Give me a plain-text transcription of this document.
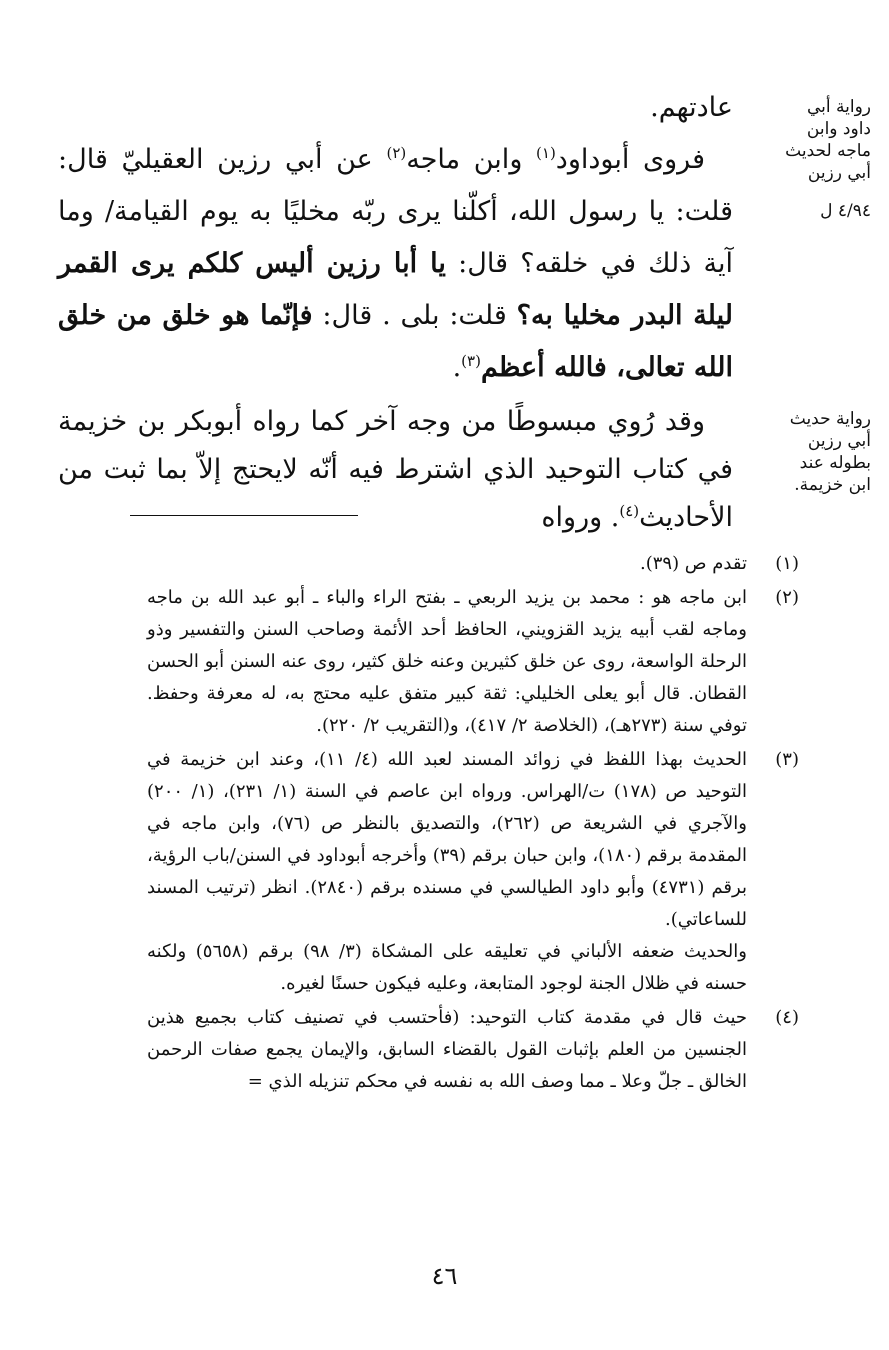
رواية أبي داود وابن ماجه لحديث أبي رزين
٤/٩٤ ل
رواية حديث أبي رزين بطوله عند ابن خزيمة.

عادتهم.

فروى أبوداود$^{(١)}$ وابن ماجه$^{(٢)}$ عن أبي رزين العقيليّ قال: قلت: يا رسول الله، أكلّنا يرى ربّه مخليًا به يوم القيامة/ وما آية ذلك في خلقه؟ قال: يا أبا رزين أليس كلكم يرى القمر ليلة البدر مخليا به؟ قلت: بلى . قال: فإنّما هو خلق من خلق الله تعالى، فالله أعظم$^{(٣)}$.

وقد رُوي مبسوطًا من وجه آخر كما رواه أبوبكر بن خزيمة في كتاب التوحيد الذي اشترط فيه أنّه لايحتج إلاّ بما ثبت من الأحاديث$^{(٤)}$. ورواه

(١)
تقدم ص (٣٩).
(٢)
ابن ماجه هو : محمد بن يزيد الربعي ـ بفتح الراء والباء ـ أبو عبد الله بن ماجه وماجه لقب أبيه يزيد القزويني، الحافظ أحد الأئمة وصاحب السنن والتفسير وذو الرحلة الواسعة، روى عن خلق كثيرين وعنه خلق كثير، روى عنه السنن أبو الحسن القطان. قال أبو يعلى الخليلي: ثقة كبير متفق عليه محتج به، له معرفة وحفظ. توفي سنة (٢٧٣هـ)، (الخلاصة ٢/ ٤١٧)، و(التقريب ٢/ ٢٢٠).
(٣)
الحديث بهذا اللفظ في زوائد المسند لعبد الله (٤/ ١١)، وعند ابن خزيمة في التوحيد ص (١٧٨) ت/الهراس. ورواه ابن عاصم في السنة (١/ ٢٣١)، (١/ ٢٠٠) والآجري في الشريعة ص (٢٦٢)، والتصديق بالنظر ص (٧٦)، وابن ماجه في المقدمة برقم (١٨٠)، وابن حبان برقم (٣٩) وأخرجه أبوداود في السنن/باب الرؤية، برقم (٤٧٣١) وأبو داود الطيالسي في مسنده برقم (٢٨٤٠). انظر (ترتيب المسند للساعاتي).
والحديث ضعفه الألباني في تعليقه على المشكاة (٣/ ٩٨) برقم (٥٦٥٨) ولكنه حسنه في ظلال الجنة لوجود المتابعة، وعليه فيكون حسنًا لغيره.
(٤)
حيث قال في مقدمة كتاب التوحيد: (فأحتسب في تصنيف كتاب بجميع هذين الجنسين من العلم بإثبات القول بالقضاء السابق، والإيمان يجمع صفات الرحمن الخالق ـ جلّ وعلا ـ مما وصف الله به نفسه في محكم تنزيله الذي =
٤٦
